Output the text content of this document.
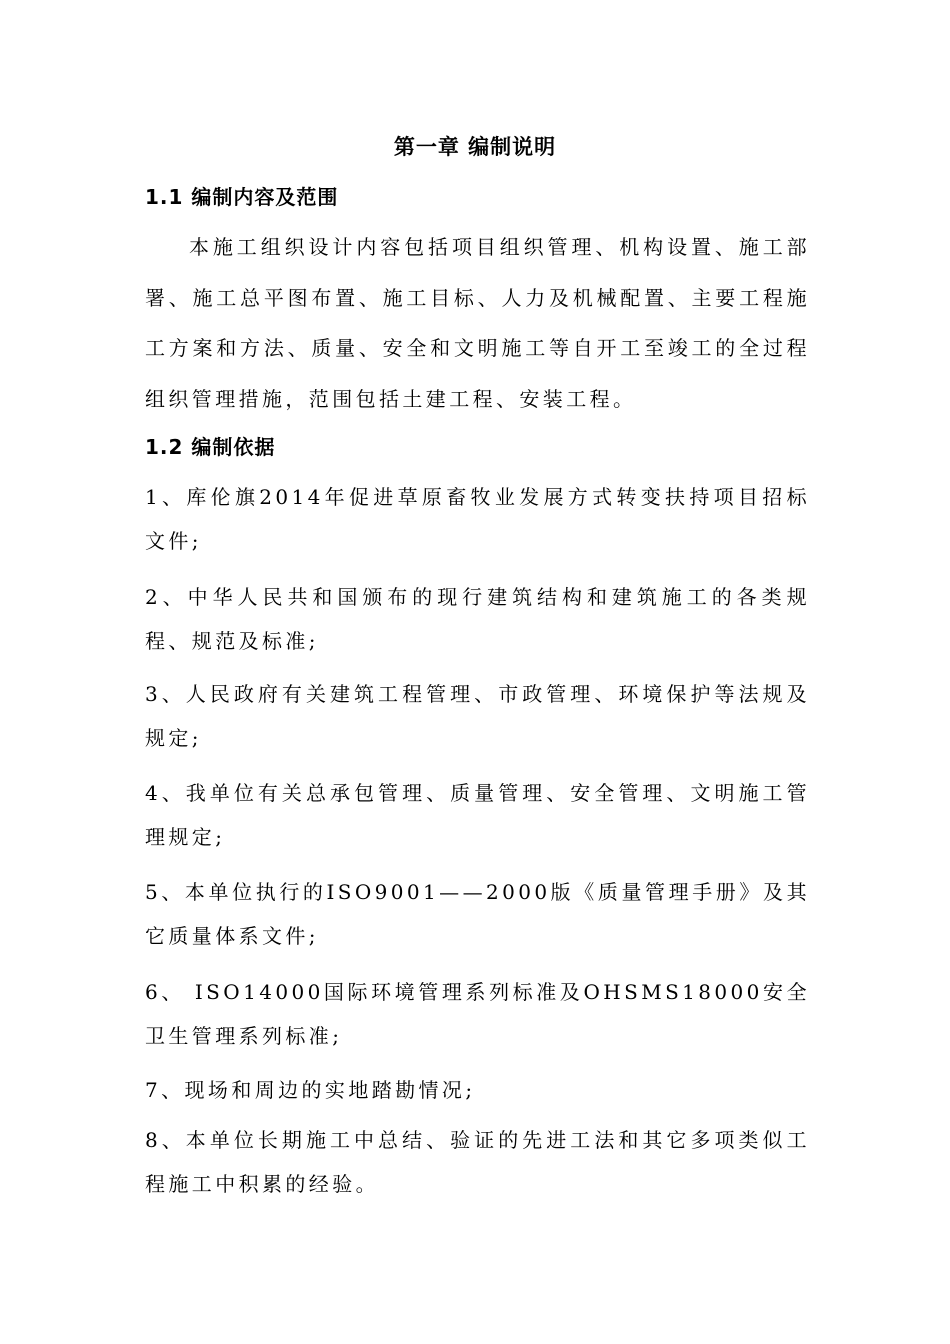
第一章 编制说明
1.1 编制内容及范围
本施工组织设计内容包括项目组织管理、机构设置、施工部署、施工总平图布置、施工目标、人力及机械配置、主要工程施工方案和方法、质量、安全和文明施工等自开工至竣工的全过程组织管理措施，范围包括土建工程、安装工程。
1.2 编制依据
1、库伦旗2014年促进草原畜牧业发展方式转变扶持项目招标文件;
2、中华人民共和国颁布的现行建筑结构和建筑施工的各类规程、规范及标准;
3、人民政府有关建筑工程管理、市政管理、环境保护等法规及规定;
4、我单位有关总承包管理、质量管理、安全管理、文明施工管理规定;
5、本单位执行的ISO9001——2000版《质量管理手册》及其它质量体系文件;
6、 ISO14000国际环境管理系列标准及OHSMS18000安全卫生管理系列标准;
7、现场和周边的实地踏勘情况;
8、本单位长期施工中总结、验证的先进工法和其它多项类似工程施工中积累的经验。
